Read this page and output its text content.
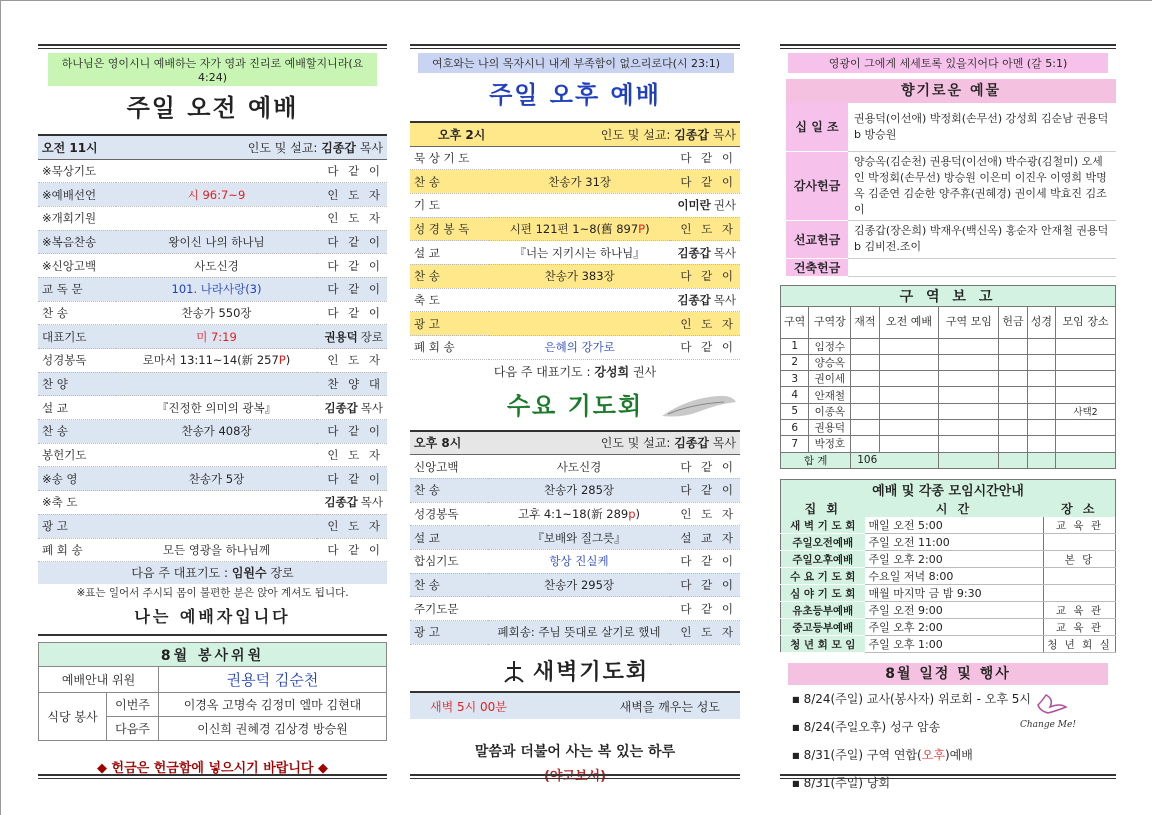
하나님은 영이시니 예배하는 자가 영과 진리로 예배할지니라(요4:24)
주일 오전 예배
오전 11시	인도 및 설교: 김종갑 목사	
※묵상기도		다 같 이
※예배선언	시 96:7~9	인 도 자
※개회기원		인 도 자
※복음찬송	왕이신 나의 하나님	다 같 이
※신앙고백	사도신경	다 같 이
교 독 문	101. 나라사랑(3)	다 같 이
찬 송	찬송가 550장	다 같 이
대표기도	미 7:19	권용덕 장로
성경봉독	로마서 13:11~14(新 257P)	인 도 자
찬 양		찬 양 대
설 교	『진정한 의미의 광복』	김종갑 목사
찬 송	찬송가 408장	다 같 이
봉헌기도		인 도 자
※송 영	찬송가 5장	다 같 이
※축 도		김종갑 목사
광 고		인 도 자
폐 회 송	모든 영광을 하나님께	다 같 이
다음 주 대표기도 : 임원수 장로
※표는 일어서 주시되 몸이 불편한 분은 앉아 계셔도 됩니다.
나는 예배자입니다
8월 봉사위원		
예배안내 위원		권용덕 김순천
식당 봉사	이번주	이경옥 고명숙 김정미 엘마 김현대
	다음주	이신희 권혜경 김상경 방승원
◆ 헌금은 헌금함에 넣으시기 바랍니다 ◆
여호와는 나의 목자시니 내게 부족함이 없으리로다(시 23:1)
주일 오후 예배
오후 2시	인도 및 설교: 김종갑 목사	
묵 상 기 도		다 같 이
찬 송	찬송가 31장	다 같 이
기 도		이미란 권사
성 경 봉 독	시편 121편 1~8(舊 897P)	인 도 자
설 교	『너는 지키시는 하나님』	김종갑 목사
찬 송	찬송가 383장	다 같 이
축 도		김종갑 목사
광 고		인 도 자
폐 회 송	은혜의 강가로	다 같 이
다음 주 대표기도 : 강성희 권사
수요 기도회
오후 8시	인도 및 설교: 김종갑 목사	
신앙고백	사도신경	다 같 이
찬 송	찬송가 285장	다 같 이
성경봉독	고후 4:1~18(新 289p)	인 도 자
설 교	『보배와 질그릇』	설 교 자
합심기도	항상 진실케	다 같 이
찬 송	찬송가 295장	다 같 이
주기도문		다 같 이
광 고	폐회송: 주님 뜻대로 살기로 했네	인 도 자
새벽기도회
새벽 5시 00분	새벽을 깨우는 성도
말씀과 더불어 사는 복 있는 하루
(야고보서)
영광이 그에게 세세토록 있을지어다 아멘 (갈 5:1)
향기로운 예물
십 일 조	권용덕(이선애) 박정회(손무선) 강성희 김순남 권용덕b 방승원
감사헌금	양승옥(김순천) 권용덕(이선애) 박수광(김철미) 오세인 박정회(손무선) 방승원 이은미 이진우 이영희 박명옥 김준연 김순한 양주휴(권혜경) 권이세 박효진 김조이
선교헌금	김종갑(장은희) 박재우(백신옥) 홍순자 안재철 권용덕b 김비전.조이
건축헌금	
구 역 보 고							
구역	구역장	재적	오전 예배	구역 모임	헌금	성경	모임 장소
1	임정수						
2	양승옥						
3	권이세						
4	안재철						
5	이종옥						사택2
6	권용덕						
7	박정호						
합 계		106					
예배 및 각종 모임시간안내		
집 회	시 간	장 소
새 벽 기 도 회	매일 오전 5:00	교 육 관
주일오전예배	주일 오전 11:00	
주일오후예배	주일 오후 2:00	본 당
수 요 기 도 회	수요일 저녁 8:00	
심 야 기 도 회	매월 마지막 금 밤 9:30	
유초등부예배	주일 오전 9:00	교 육 관
중고등부예배	주일 오후 2:00	교 육 관
청 년 회 모 임	주일 오후 1:00	청 년 회 실
8월 일정 및 행사
■ 8/24(주일) 교사(봉사자) 위로회 - 오후 5시
■ 8/24(주일오후) 성구 암송
■ 8/31(주일) 구역 연합(오후)예배
■ 8/31(주일) 당회
Change Me!
